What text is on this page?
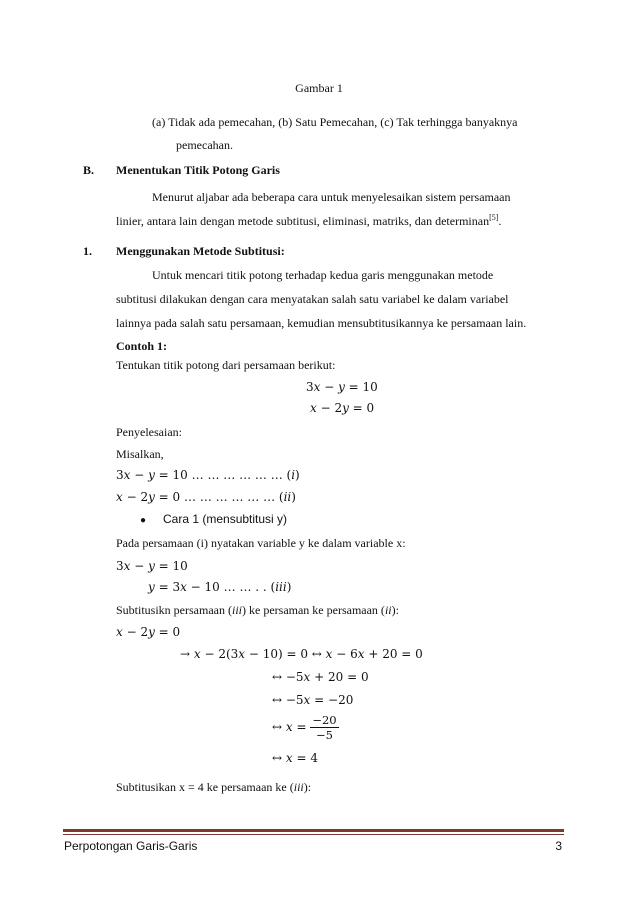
Gambar 1
(a) Tidak ada pemecahan, (b) Satu Pemecahan, (c) Tak terhingga banyaknya
pemecahan.
B. Menentukan Titik Potong Garis
Menurut aljabar ada beberapa cara untuk menyelesaikan sistem persamaan
linier, antara lain dengan metode subtitusi, eliminasi, matriks, dan determinan[5].
1. Menggunakan Metode Subtitusi:
Untuk mencari titik potong terhadap kedua garis menggunakan metode
subtitusi dilakukan dengan cara menyatakan salah satu variabel ke dalam variabel
lainnya pada salah satu persamaan, kemudian mensubtitusikannya ke persamaan lain.
Contoh 1:
Tentukan titik potong dari persamaan berikut:
3𝑥 − 𝑦 = 10
𝑥 − 2𝑦 = 0
Penyelesaian:
Misalkan,
3𝑥 − 𝑦 = 10 … … … … … … (𝑖)
𝑥 − 2𝑦 = 0 … … … … … … (𝑖𝑖)
● Cara 1 (mensubtitusi y)
Pada persamaan (i) nyatakan variable y ke dalam variable x:
3𝑥 − 𝑦 = 10
𝑦 = 3𝑥 − 10 … … . . (𝑖𝑖𝑖)
Subtitusikn persamaan (iii) ke persaman ke persamaan (ii):
𝑥 − 2𝑦 = 0
→ 𝑥 − 2(3𝑥 − 10) = 0 ↔ 𝑥 − 6𝑥 + 20 = 0
↔ −5𝑥 + 20 = 0
↔ −5𝑥 = −20
↔ 𝑥 = $\frac{-20}{-5}$
↔ 𝑥 = 4
Subtitusikan x = 4 ke persamaan ke (iii):
Perpotongan Garis-Garis	3
